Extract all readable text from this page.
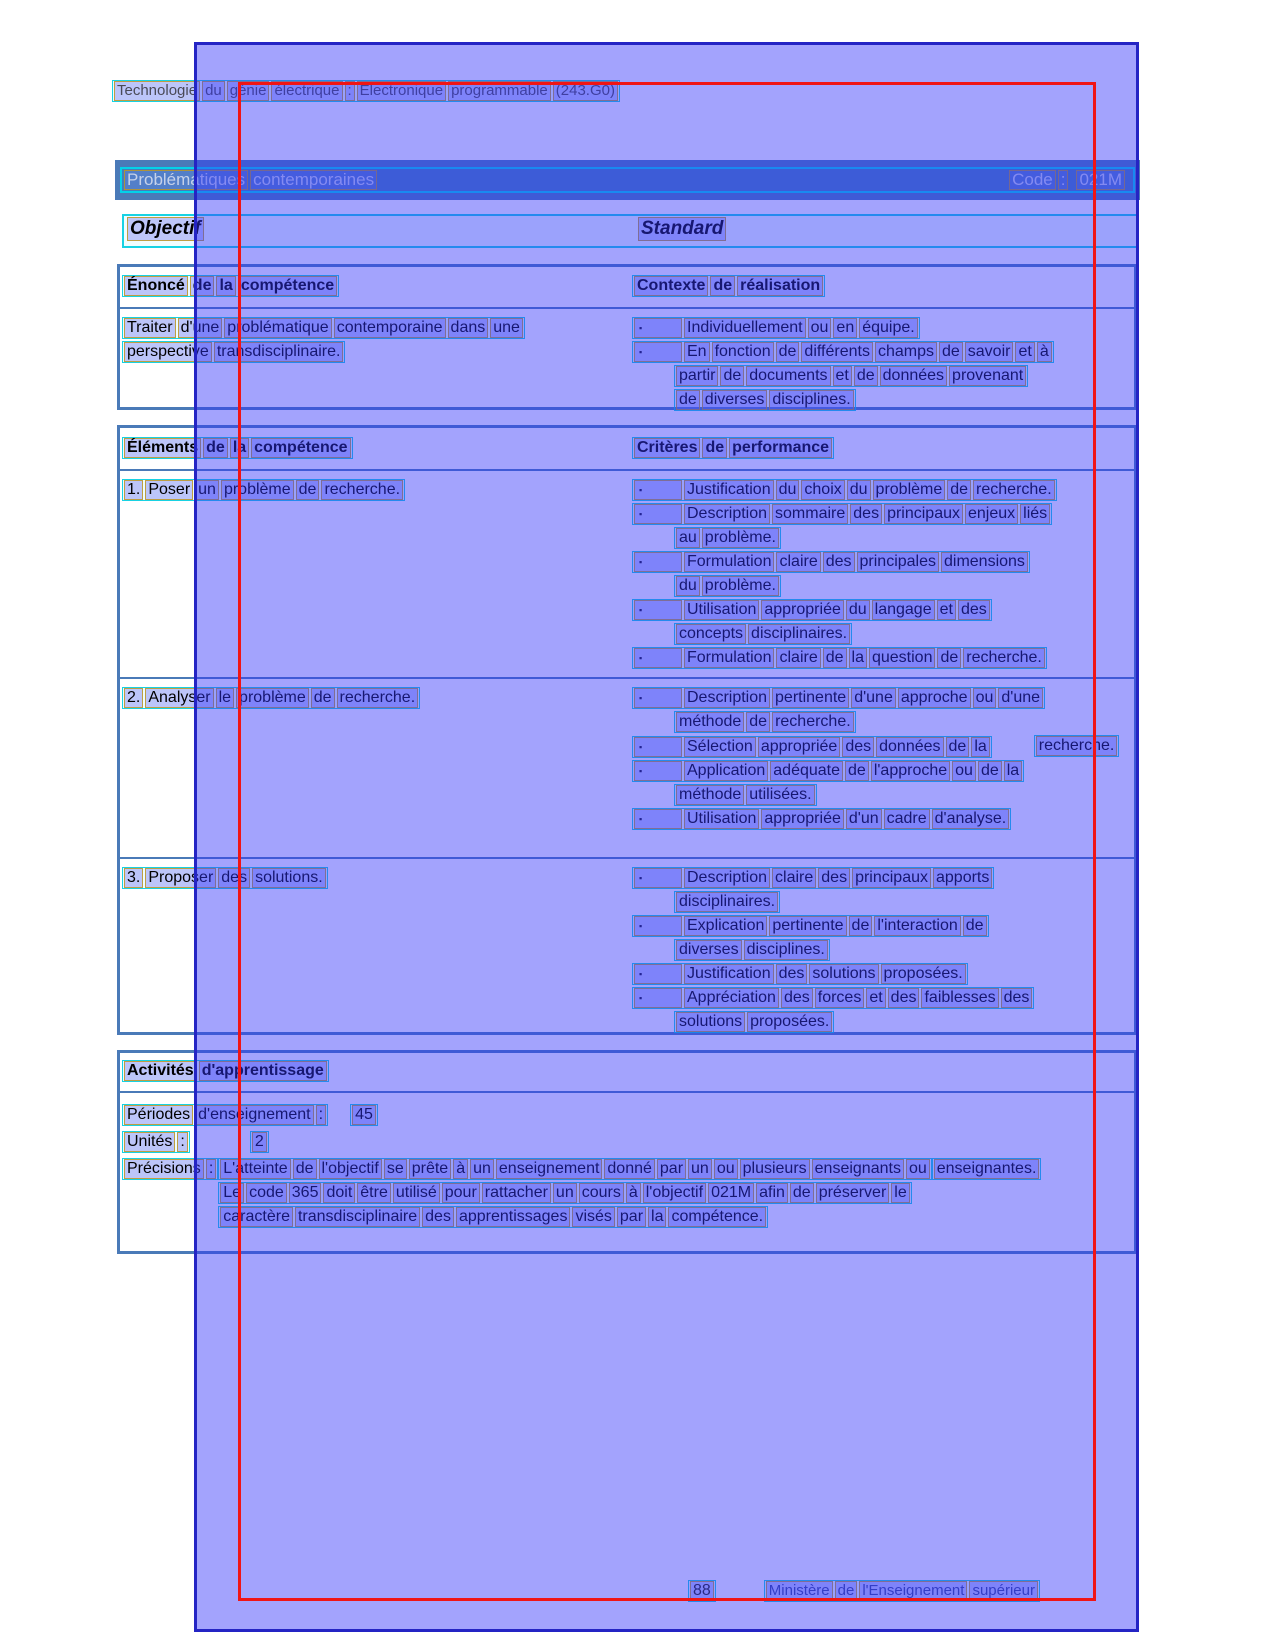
Technologie du génie électrique : Électronique programmable (243.G0)
Problématiques contemporaines	Code : 021M
Objectif	Standard
Énoncé de la compétence	Contexte de réalisation
Traiter d'une problématique contemporaine dans une
perspective transdisciplinaire.
▪	Individuellement ou en équipe.
▪	En fonction de différents champs de savoir et à
partir de documents et de données provenant
de diverses disciplines.
Éléments de la compétence	Critères de performance
1. Poser un problème de recherche.	▪	Justification du choix du problème de recherche.
▪	Description sommaire des principaux enjeux liés
au problème.
▪	Formulation claire des principales dimensions
du problème.
▪	Utilisation appropriée du langage et des
concepts disciplinaires.
▪	Formulation claire de la question de recherche.
2. Analyser le problème de recherche.	▪	Description pertinente d'une approche ou d'une
méthode de recherche.
▪	Sélection appropriée des données de la	recherche.
▪	Application adéquate de l'approche ou de la
méthode utilisées.
▪	Utilisation appropriée d'un cadre d'analyse.
3. Proposer des solutions.	▪	Description claire des principaux apports
disciplinaires.
▪	Explication pertinente de l'interaction de
diverses disciplines.
▪	Justification des solutions proposées.
▪	Appréciation des forces et des faiblesses des
solutions proposées.
Activités d'apprentissage
Périodes d'enseignement : 45
Unités :	2
Précisions : L'atteinte de l'objectif se prête à un enseignement donné par un ou plusieurs enseignants ou enseignantes.
Le code 365 doit être utilisé pour rattacher un cours à l'objectif 021M afin de préserver le
caractère transdisciplinaire des apprentissages visés par la compétence.
88	Ministère de l'Enseignement supérieur
